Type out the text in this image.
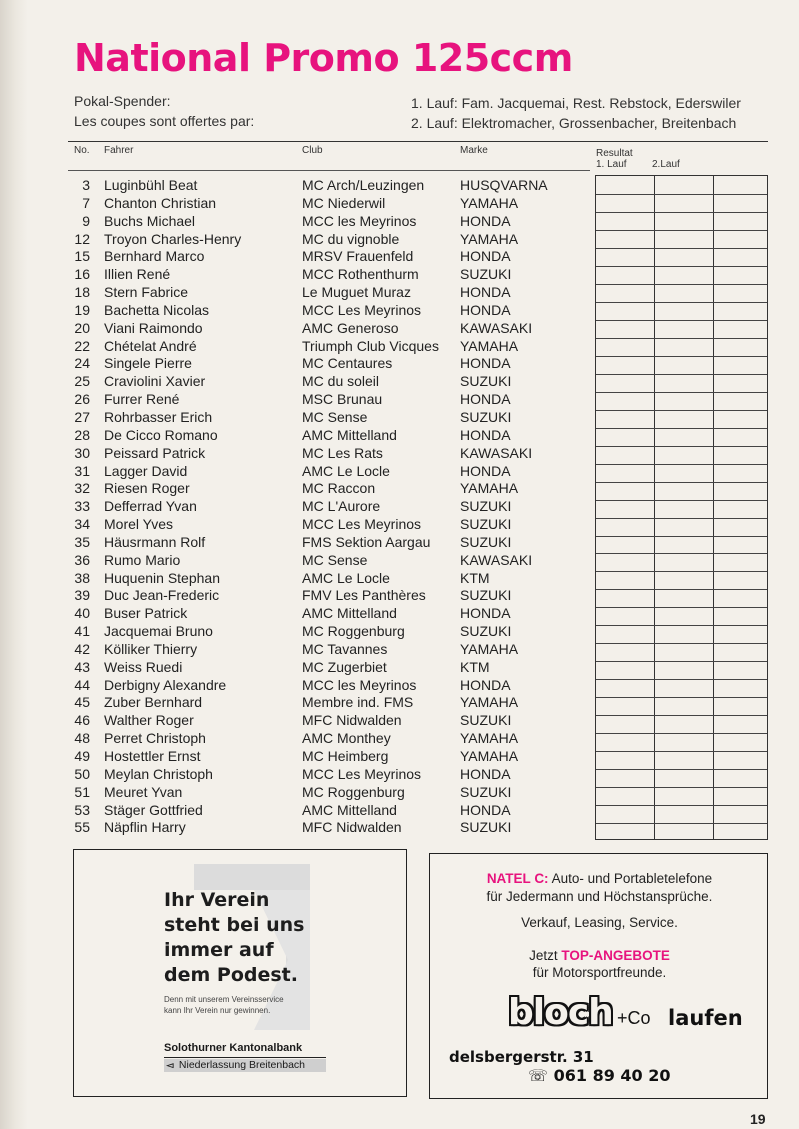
National Promo 125ccm
Pokal-Spender:
Les coupes sont offertes par:
1. Lauf: Fam. Jacquemai, Rest. Rebstock, Ederswiler
2. Lauf: Elektromacher, Grossenbacher, Breitenbach
No. Fahrer	Club	Marke	Resultat
1. Lauf	2.Lauf
3 Luginbühl Beat	MC Arch/Leuzingen	HUSQVARNA
7 Chanton Christian	MC Niederwil	YAMAHA
9 Buchs Michael	MCC les Meyrinos	HONDA
12 Troyon Charles-Henry	MC du vignoble	YAMAHA
15 Bernhard Marco	MRSV Frauenfeld	HONDA
16 Illien René	MCC Rothenthurm	SUZUKI
18 Stern Fabrice	Le Muguet Muraz	HONDA
19 Bachetta Nicolas	MCC Les Meyrinos	HONDA
20 Viani Raimondo	AMC Generoso	KAWASAKI
22 Chételat André	Triumph Club Vicques YAMAHA
24 Singele Pierre	MC Centaures	HONDA
25 Craviolini Xavier	MC du soleil	SUZUKI
26 Furrer René	MSC Brunau	HONDA
27 Rohrbasser Erich	MC Sense	SUZUKI
28 De Cicco Romano	AMC Mittelland	HONDA
30 Peissard Patrick	MC Les Rats	KAWASAKI
31 Lagger David	AMC Le Locle	HONDA
32 Riesen Roger	MC Raccon	YAMAHA
33 Defferrad Yvan	MC L'Aurore	SUZUKI
34 Morel Yves	MCC Les Meyrinos	SUZUKI
35 Häusrmann Rolf	FMS Sektion Aargau SUZUKI
36 Rumo Mario	MC Sense	KAWASAKI
38 Huquenin Stephan	AMC Le Locle	KTM
39 Duc Jean-Frederic	FMV Les Panthères SUZUKI
40 Buser Patrick	AMC Mittelland	HONDA
41 Jacquemai Bruno	MC Roggenburg	SUZUKI
42 Kölliker Thierry	MC Tavannes	YAMAHA
43 Weiss Ruedi	MC Zugerbiet	KTM
44 Derbigny Alexandre	MCC les Meyrinos	HONDA
45 Zuber Bernhard	Membre ind. FMS	YAMAHA
46 Walther Roger	MFC Nidwalden	SUZUKI
48 Perret Christoph	AMC Monthey	YAMAHA
49 Hostettler Ernst	MC Heimberg	YAMAHA
50 Meylan Christoph	MCC Les Meyrinos	HONDA
51 Meuret Yvan	MC Roggenburg	SUZUKI
53 Stäger Gottfried	AMC Mittelland	HONDA
55 Näpflin Harry	MFC Nidwalden	SUZUKI
Ihr Verein
steht bei uns
immer auf
dem Podest.
Denn mit unserem Vereinsservice
kann Ihr Verein nur gewinnen.
Solothurner Kantonalbank
◅ Niederlassung Breitenbach
NATEL C: Auto- und Portabletelefone
für Jedermann und Höchstansprüche.
Verkauf, Leasing, Service.
Jetzt TOP-ANGEBOTE
für Motorsportfreunde.
bloch +Co laufen
delsbergerstr. 31
☏ 061 89 40 20
19
